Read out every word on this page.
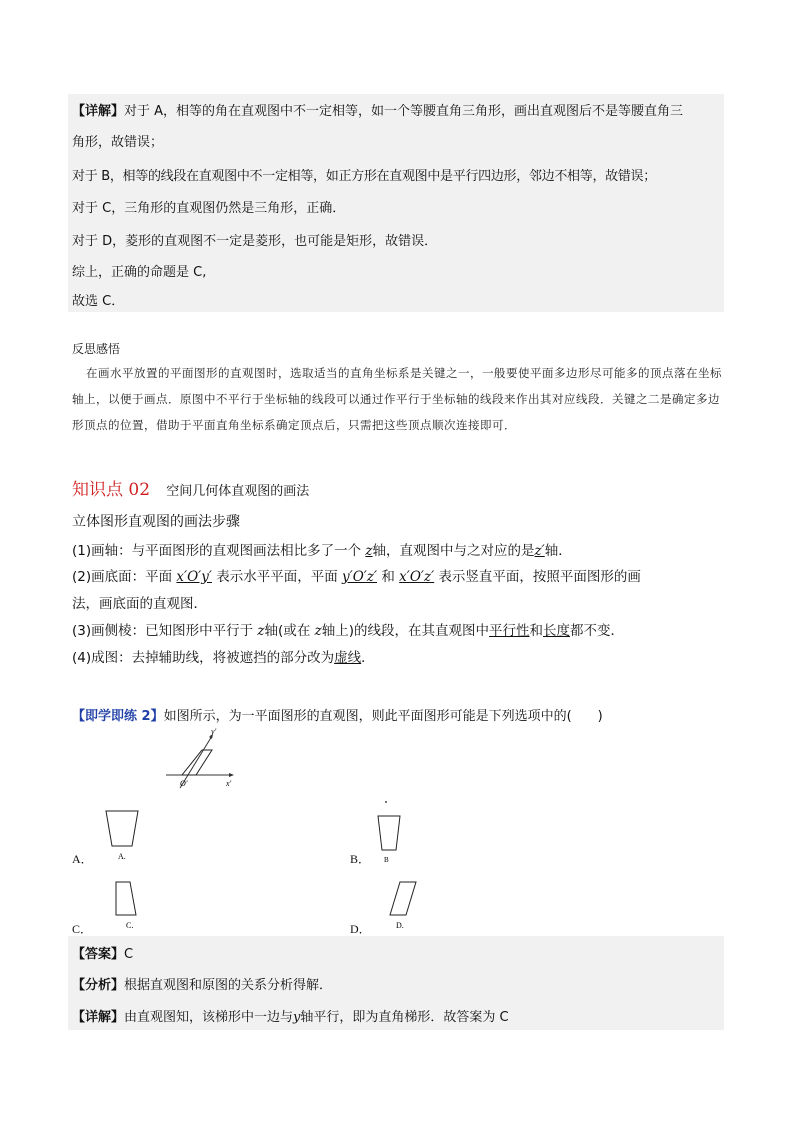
【详解】对于 A，相等的角在直观图中不一定相等，如一个等腰直角三角形，画出直观图后不是等腰直角三
角形，故错误；
对于 B，相等的线段在直观图中不一定相等，如正方形在直观图中是平行四边形，邻边不相等，故错误；
对于 C，三角形的直观图仍然是三角形，正确．
对于 D，菱形的直观图不一定是菱形，也可能是矩形，故错误．
综上，正确的命题是 C,
故选 C．
反思感悟
在画水平放置的平面图形的直观图时，选取适当的直角坐标系是关键之一，一般要使平面多边形尽可能多的顶点落在坐标轴上，以便于画点．原图中不平行于坐标轴的线段可以通过作平行于坐标轴的线段来作出其对应线段．关键之二是确定多边形顶点的位置，借助于平面直角坐标系确定顶点后，只需把这些顶点顺次连接即可．
知识点 02 空间几何体直观图的画法
立体图形直观图的画法步骤
(1)画轴：与平面图形的直观图画法相比多了一个 z轴，直观图中与之对应的是z′轴．
(2)画底面：平面 x′O′y′ 表示水平平面，平面 y′O′z′ 和 x′O′z′ 表示竖直平面，按照平面图形的画
法，画底面的直观图．
(3)画侧棱：已知图形中平行于 z轴(或在 z轴上)的线段，在其直观图中平行性和长度都不变．
(4)成图：去掉辅助线，将被遮挡的部分改为虚线．
【即学即练 2】如图所示，为一平面图形的直观图，则此平面图形可能是下列选项中的(　　)
y′
x′
O′
A．	A.	B． B
C．	C.	D．	D.
【答案】C
【分析】根据直观图和原图的关系分析得解．
【详解】由直观图知，该梯形中一边与y轴平行，即为直角梯形．故答案为 C
